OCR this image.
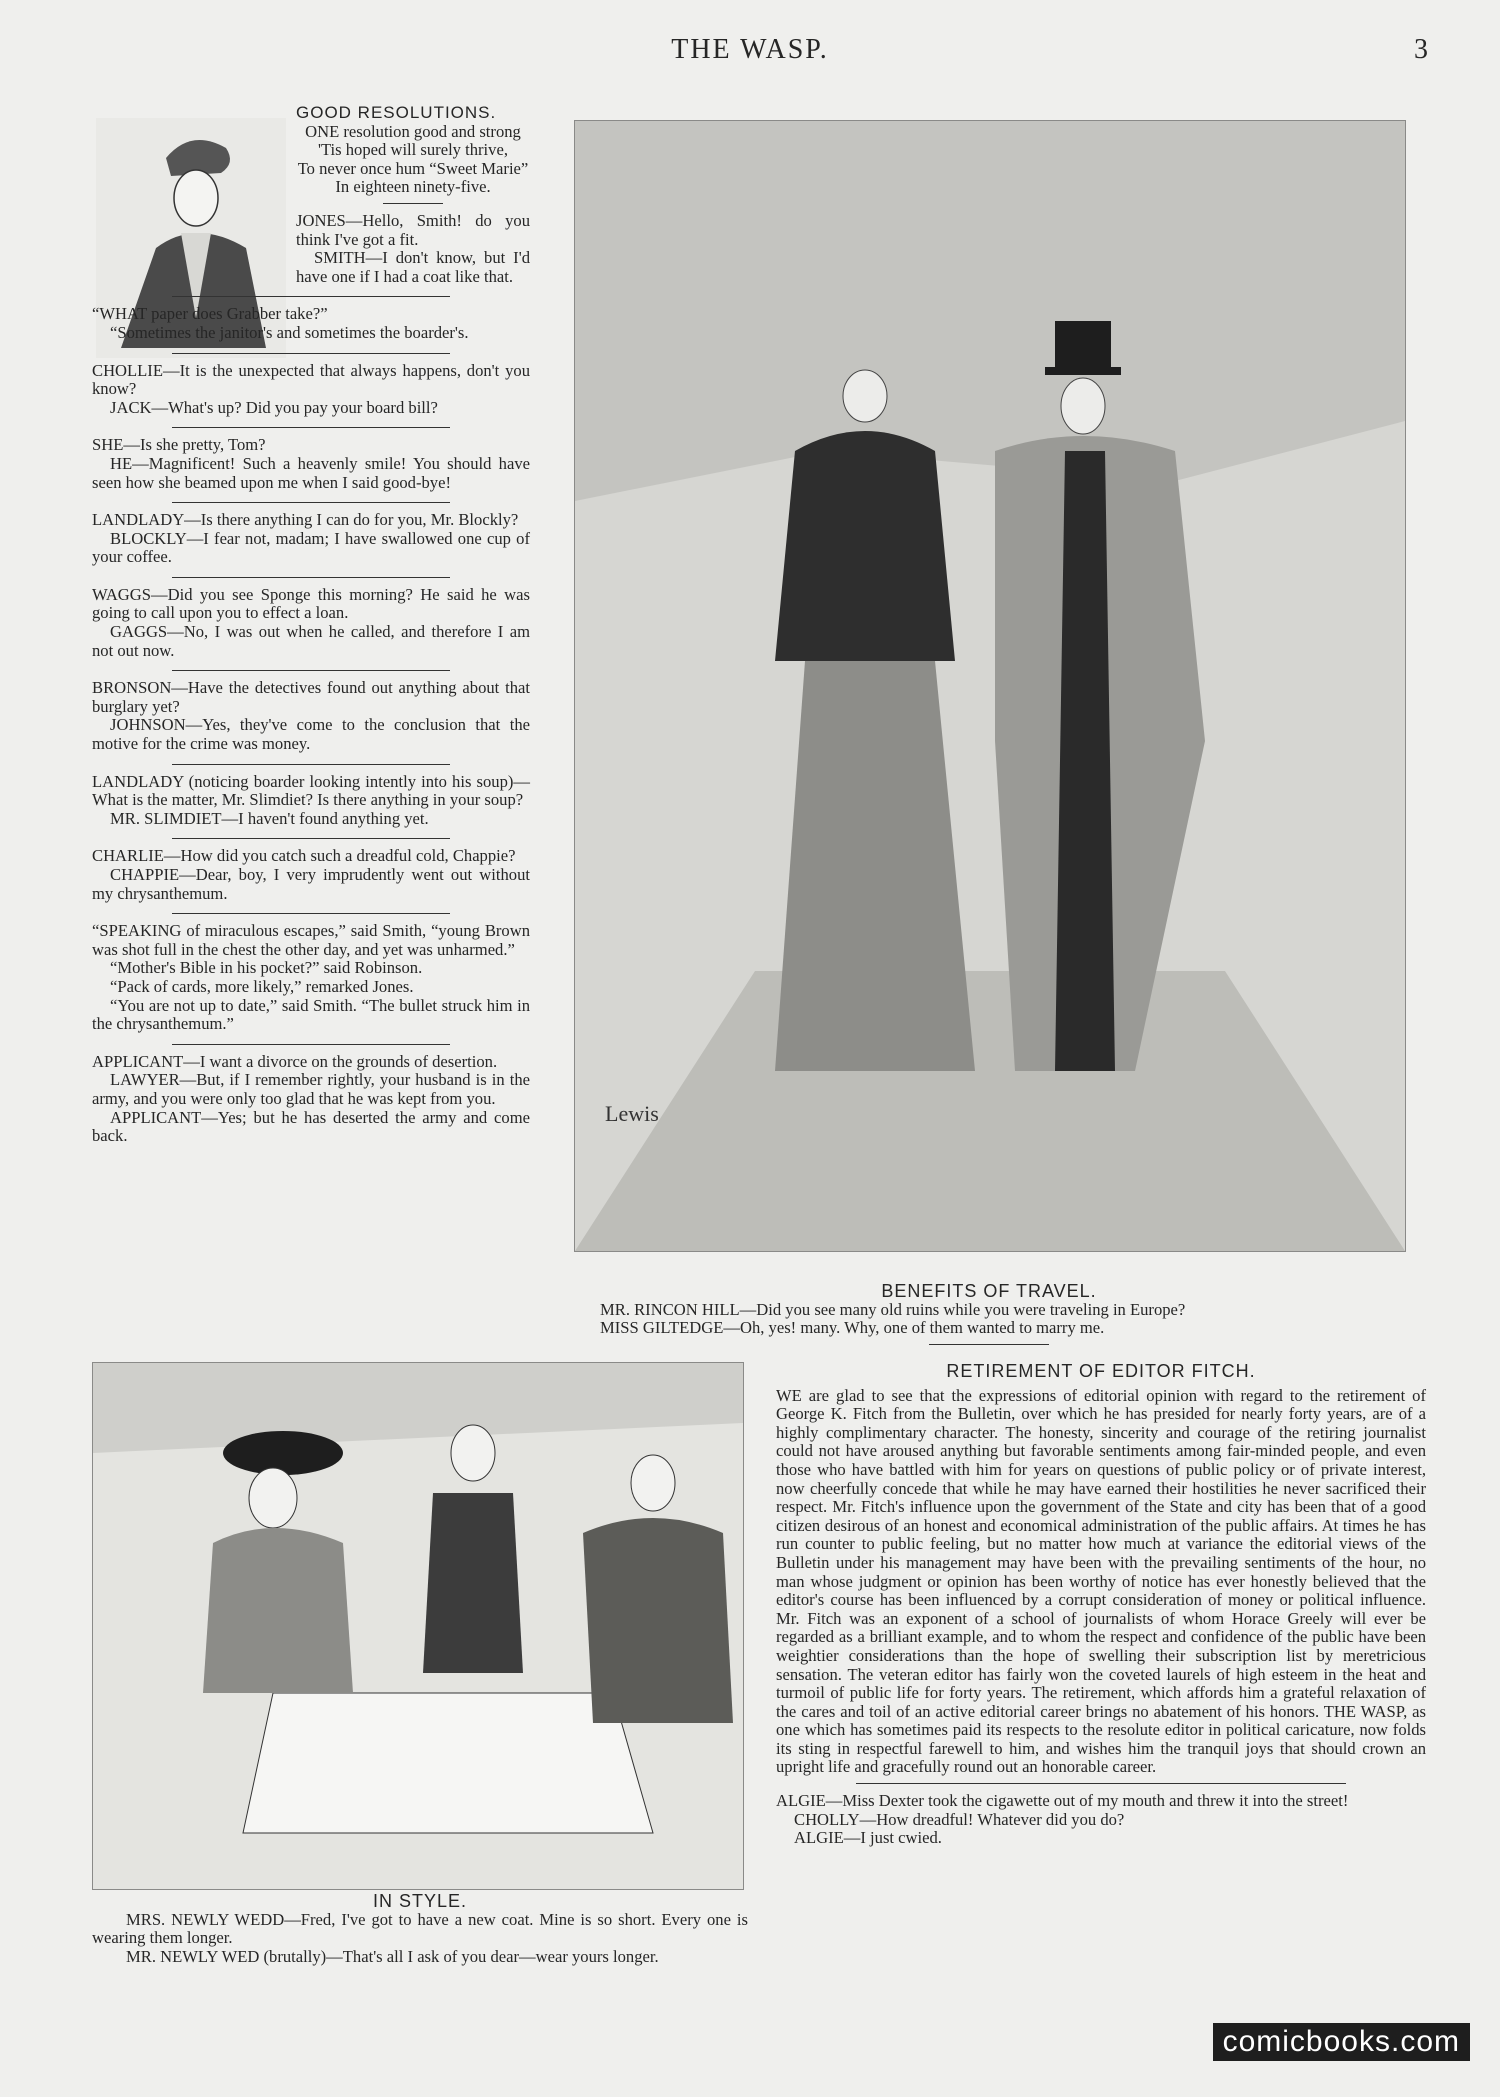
THE WASP.	3
GOOD RESOLUTIONS.

ONE resolution good and strong

'Tis hoped will surely thrive,

To never once hum “Sweet Marie”

In eighteen ninety-five.

JONES—Hello, Smith! do you think I've got a fit.

SMITH—I don't know, but I'd have one if I had a coat like that.

“WHAT paper does Grabber take?”

“Sometimes the janitor's and sometimes the boarder's.

CHOLLIE—It is the unexpected that always happens, don't you know?

JACK—What's up? Did you pay your board bill?

SHE—Is she pretty, Tom?

HE—Magnificent! Such a heavenly smile! You should have seen how she beamed upon me when I said good-bye!

LANDLADY—Is there anything I can do for you, Mr. Blockly?

BLOCKLY—I fear not, madam; I have swallowed one cup of your coffee.

WAGGS—Did you see Sponge this morning? He said he was going to call upon you to effect a loan.

GAGGS—No, I was out when he called, and therefore I am not out now.

BRONSON—Have the detectives found out anything about that burglary yet?

JOHNSON—Yes, they've come to the conclusion that the motive for the crime was money.

LANDLADY (noticing boarder looking intently into his soup)—What is the matter, Mr. Slimdiet? Is there anything in your soup?

MR. SLIMDIET—I haven't found anything yet.

CHARLIE—How did you catch such a dreadful cold, Chappie?

CHAPPIE—Dear, boy, I very imprudently went out without my chrysanthemum.

“SPEAKING of miraculous escapes,” said Smith, “young Brown was shot full in the chest the other day, and yet was unharmed.”

“Mother's Bible in his pocket?” said Robinson.

“Pack of cards, more likely,” remarked Jones.

“You are not up to date,” said Smith. “The bullet struck him in the chrysanthemum.”

APPLICANT—I want a divorce on the grounds of desertion.

LAWYER—But, if I remember rightly, your husband is in the army, and you were only too glad that he was kept from you.

APPLICANT—Yes; but he has deserted the army and come back.

Lewis
BENEFITS OF TRAVEL.

MR. RINCON HILL—Did you see many old ruins while you were traveling in Europe?

MISS GILTEDGE—Oh, yes! many. Why, one of them wanted to marry me.

RETIREMENT OF EDITOR FITCH.

WE are glad to see that the expressions of editorial opinion with regard to the retirement of George K. Fitch from the Bulletin, over which he has presided for nearly forty years, are of a highly complimentary character. The honesty, sincerity and courage of the retiring journalist could not have aroused anything but favorable sentiments among fair-minded people, and even those who have battled with him for years on questions of public policy or of private interest, now cheerfully concede that while he may have earned their hostilities he never sacrificed their respect. Mr. Fitch's influence upon the government of the State and city has been that of a good citizen desirous of an honest and economical administration of the public affairs. At times he has run counter to public feeling, but no matter how much at variance the editorial views of the Bulletin under his management may have been with the prevailing sentiments of the hour, no man whose judgment or opinion has been worthy of notice has ever honestly believed that the editor's course has been influenced by a corrupt consideration of money or political influence. Mr. Fitch was an exponent of a school of journalists of whom Horace Greely will ever be regarded as a brilliant example, and to whom the respect and confidence of the public have been weightier considerations than the hope of swelling their subscription list by meretricious sensation. The veteran editor has fairly won the coveted laurels of high esteem in the heat and turmoil of public life for forty years. The retirement, which affords him a grateful relaxation of the cares and toil of an active editorial career brings no abatement of his honors. THE WASP, as one which has sometimes paid its respects to the resolute editor in political caricature, now folds its sting in respectful farewell to him, and wishes him the tranquil joys that should crown an upright life and gracefully round out an honorable career.

ALGIE—Miss Dexter took the cigawette out of my mouth and threw it into the street!

CHOLLY—How dreadful! Whatever did you do?

ALGIE—I just cwied.

IN STYLE.

MRS. NEWLY WEDD—Fred, I've got to have a new coat. Mine is so short. Every one is wearing them longer.

MR. NEWLY WED (brutally)—That's all I ask of you dear—wear yours longer.

comicbooks.com
